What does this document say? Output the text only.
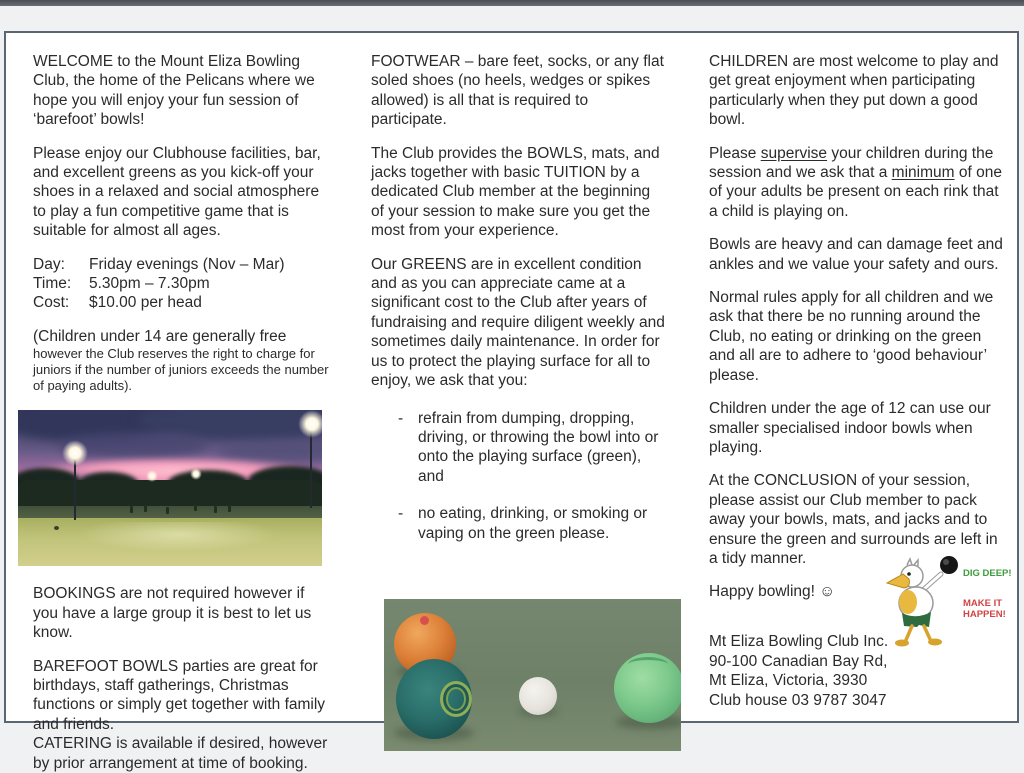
WELCOME to the Mount Eliza Bowling Club, the home of the Pelicans where we hope you will enjoy your fun session of ‘barefoot’ bowls!

Please enjoy our Clubhouse facilities, bar, and excellent greens as you kick-off your shoes in a relaxed and social atmosphere to play a fun competitive game that is suitable for almost all ages.

Day:	Friday evenings (Nov – Mar)
Time:	5.30pm – 7.30pm
Cost:	$10.00 per head

(Children under 14 are generally free
however the Club reserves the right to charge for juniors if the number of juniors exceeds the number of paying adults).

BOOKINGS are not required however if you have a large group it is best to let us know.

BAREFOOT BOWLS parties are great for birthdays, staff gatherings, Christmas functions or simply get together with family and friends.

CATERING is available if desired, however by prior arrangement at time of booking.

FOOTWEAR – bare feet, socks, or any flat soled shoes (no heels, wedges or spikes allowed) is all that is required to participate.

The Club provides the BOWLS, mats, and jacks together with basic TUITION by a dedicated Club member at the beginning of your session to make sure you get the most from your experience.

Our GREENS are in excellent condition and as you can appreciate came at a significant cost to the Club after years of fundraising and require diligent weekly and sometimes daily maintenance. In order for us to protect the playing surface for all to enjoy, we ask that you:

- refrain from dumping, dropping, driving, or throwing the bowl into or onto the playing surface (green), and
- no eating, drinking, or smoking or vaping on the green please.

CHILDREN are most welcome to play and get great enjoyment when participating particularly when they put down a good bowl.

Please supervise your children during the session and we ask that a minimum of one of your adults be present on each rink that a child is playing on.

Bowls are heavy and can damage feet and ankles and we value your safety and ours.

Normal rules apply for all children and we ask that there be no running around the Club, no eating or drinking on the green and all are to adhere to ‘good behaviour’ please.

Children under the age of 12 can use our smaller specialised indoor bowls when playing.

At the CONCLUSION of your session, please assist our Club member to pack away your bowls, mats, and jacks and to ensure the green and surrounds are left in a tidy manner.

Happy bowling! ☺

DIG DEEP!
MAKE IT HAPPEN!
Mt Eliza Bowling Club Inc.
90-100 Canadian Bay Rd,
Mt Eliza, Victoria, 3930
Club house 03 9787 3047
